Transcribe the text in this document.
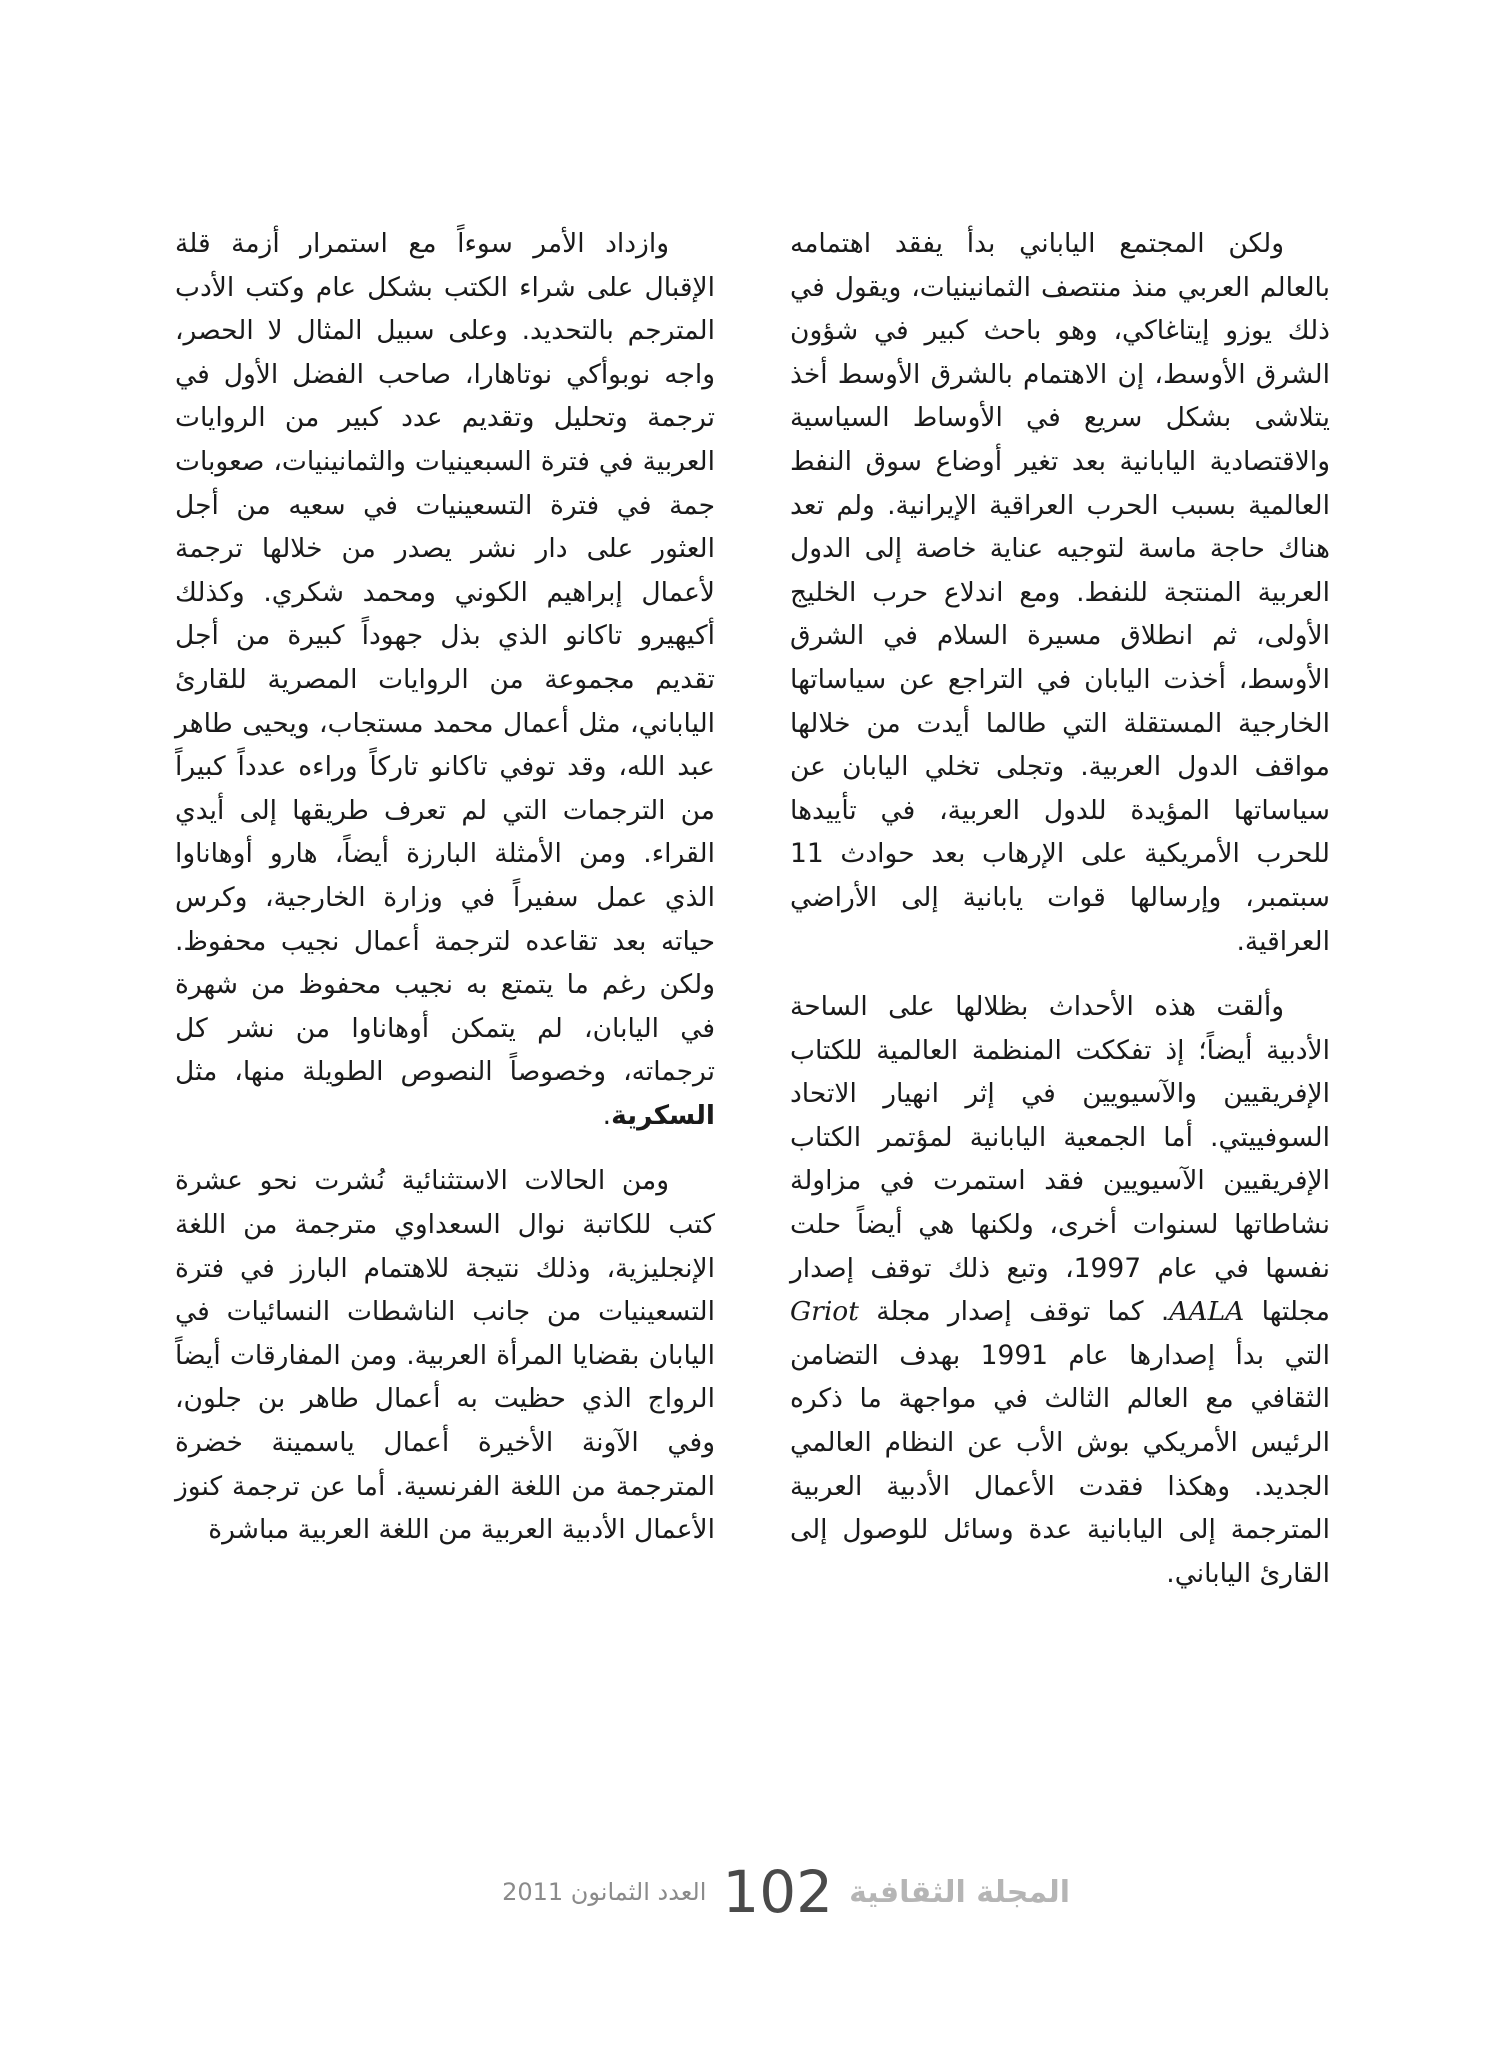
ولكن المجتمع الياباني بدأ يفقد اهتمامه بالعالم العربي منذ منتصف الثمانينيات، ويقول في ذلك يوزو إيتاغاكي، وهو باحث كبير في شؤون الشرق الأوسط، إن الاهتمام بالشرق الأوسط أخذ يتلاشى بشكل سريع في الأوساط السياسية والاقتصادية اليابانية بعد تغير أوضاع سوق النفط العالمية بسبب الحرب العراقية الإيرانية. ولم تعد هناك حاجة ماسة لتوجيه عناية خاصة إلى الدول العربية المنتجة للنفط. ومع اندلاع حرب الخليج الأولى، ثم انطلاق مسيرة السلام في الشرق الأوسط، أخذت اليابان في التراجع عن سياساتها الخارجية المستقلة التي طالما أيدت من خلالها مواقف الدول العربية. وتجلى تخلي اليابان عن سياساتها المؤيدة للدول العربية، في تأييدها للحرب الأمريكية على الإرهاب بعد حوادث 11 سبتمبر، وإرسالها قوات يابانية إلى الأراضي العراقية.

وألقت هذه الأحداث بظلالها على الساحة الأدبية أيضاً؛ إذ تفككت المنظمة العالمية للكتاب الإفريقيين والآسيويين في إثر انهيار الاتحاد السوفييتي. أما الجمعية اليابانية لمؤتمر الكتاب الإفريقيين الآسيويين فقد استمرت في مزاولة نشاطاتها لسنوات أخرى، ولكنها هي أيضاً حلت نفسها في عام 1997، وتبع ذلك توقف إصدار مجلتها AALA. كما توقف إصدار مجلة Griot التي بدأ إصدارها عام 1991 بهدف التضامن الثقافي مع العالم الثالث في مواجهة ما ذكره الرئيس الأمريكي بوش الأب عن النظام العالمي الجديد. وهكذا فقدت الأعمال الأدبية العربية المترجمة إلى اليابانية عدة وسائل للوصول إلى القارئ الياباني.

وازداد الأمر سوءاً مع استمرار أزمة قلة الإقبال على شراء الكتب بشكل عام وكتب الأدب المترجم بالتحديد. وعلى سبيل المثال لا الحصر، واجه نوبوأكي نوتاهارا، صاحب الفضل الأول في ترجمة وتحليل وتقديم عدد كبير من الروايات العربية في فترة السبعينيات والثمانينيات، صعوبات جمة في فترة التسعينيات في سعيه من أجل العثور على دار نشر يصدر من خلالها ترجمة لأعمال إبراهيم الكوني ومحمد شكري. وكذلك أكيهيرو تاكانو الذي بذل جهوداً كبيرة من أجل تقديم مجموعة من الروايات المصرية للقارئ الياباني، مثل أعمال محمد مستجاب، ويحيى طاهر عبد الله، وقد توفي تاكانو تاركاً وراءه عدداً كبيراً من الترجمات التي لم تعرف طريقها إلى أيدي القراء. ومن الأمثلة البارزة أيضاً، هارو أوهاناوا الذي عمل سفيراً في وزارة الخارجية، وكرس حياته بعد تقاعده لترجمة أعمال نجيب محفوظ. ولكن رغم ما يتمتع به نجيب محفوظ من شهرة في اليابان، لم يتمكن أوهاناوا من نشر كل ترجماته، وخصوصاً النصوص الطويلة منها، مثل السكرية.

ومن الحالات الاستثنائية نُشرت نحو عشرة كتب للكاتبة نوال السعداوي مترجمة من اللغة الإنجليزية، وذلك نتيجة للاهتمام البارز في فترة التسعينيات من جانب الناشطات النسائيات في اليابان بقضايا المرأة العربية. ومن المفارقات أيضاً الرواج الذي حظيت به أعمال طاهر بن جلون، وفي الآونة الأخيرة أعمال ياسمينة خضرة المترجمة من اللغة الفرنسية. أما عن ترجمة كنوز الأعمال الأدبية العربية من اللغة العربية مباشرة

المجلة الثقافية
102
العدد الثمانون 2011
